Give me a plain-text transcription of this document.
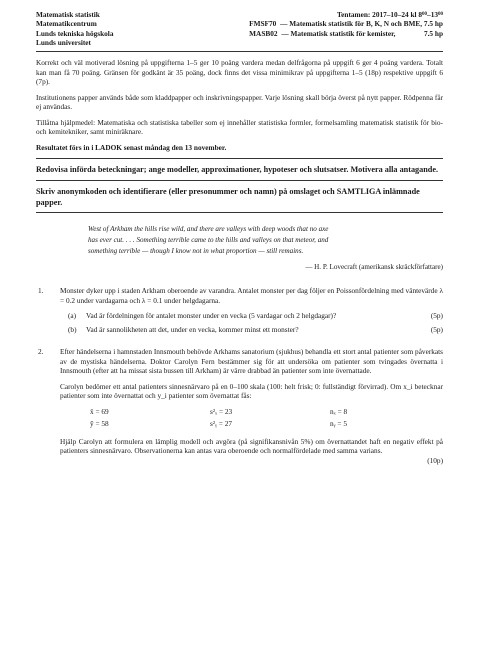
Matematisk statistik
Matematikcentrum
Lunds tekniska högskola
Lunds universitet
Tentamen: 2017–10–24 kl $8^{00}-13^{00}$
FMSF70 — Matematisk statistik för B, K, N och BME, 7.5 hp
MASB02 — Matematisk statistik för kemister,	7.5 hp

Korrekt och väl motiverad lösning på uppgifterna 1–5 ger 10 poäng vardera medan delfrågorna på uppgift 6 ger 4 poäng vardera. Totalt kan man få 70 poäng. Gränsen för godkänt är 35 poäng, dock finns det vissa minimikrav på uppgifterna 1–5 (18p) respektive uppgift 6 (7p).

Institutionens papper används både som kladdpapper och inskrivningspapper. Varje lösning skall börja överst på nytt papper. Rödpenna får ej användas.

Tillåtna hjälpmedel: Matematiska och statistiska tabeller som ej innehåller statistiska formler, formelsamling matematisk statistik för bio- och kemitekniker, samt miniräknare.

Resultatet förs in i LADOK senast måndag den 13 november.

Redovisa införda beteckningar; ange modeller, approximationer, hypoteser och slutsatser. Motivera alla antagande.
Skriv anonymkoden och identifierare (eller presonummer och namn) på omslaget och SAMTLIGA inlämnade papper.
West of Arkham the hills rise wild, and there are valleys with deep woods that no axe
has ever cut. . . . Something terrible came to the hills and valleys on that meteor, and
something terrible — though I know not in what proportion — still remains.
— H. P. Lovecraft (amerikansk skräckförfattare)
1.	Monster dyker upp i staden Arkham oberoende av varandra. Antalet monster per dag följer en Poissonfördelning med väntevärde λ = 0.2 under vardagarna och λ = 0.1 under helgdagarna.

(a)	Vad är fördelningen för antalet monster under en vecka (5 vardagar och 2 helgdagar)?	(5p)
(b)	Vad är sannolikheten att det, under en vecka, kommer minst ett monster?	(5p)
2.	Efter händelserna i hamnstaden Innsmouth behövde Arkhams sanatorium (sjukhus) behandla ett stort antal patienter som påverkats av de mystiska händelserna. Doktor Carolyn Fern bestämmer sig för att undersöka om patienter som tvingades övernatta i Innsmouth (efter att ha missat sista bussen till Arkham) är värre drabbad än patienter som inte övernattade.

Carolyn bedömer ett antal patienters sinnesnärvaro på en 0–100 skala (100: helt frisk; 0: fullständigt förvirrad). Om x_i betecknar patienter som inte övernattat och y_i patienter som övernattat fås:

x̄ = 69	s²ₓ = 23	nₓ = 8
ȳ = 58	s²ᵧ = 27	nᵧ = 5

Hjälp Carolyn att formulera en lämplig modell och avgöra (på signifikansnivån 5%) om övernattandet haft en negativ effekt på patienters sinnesnärvaro. Observationerna kan antas vara oberoende och normalfördelade med samma varians.

(10p)
